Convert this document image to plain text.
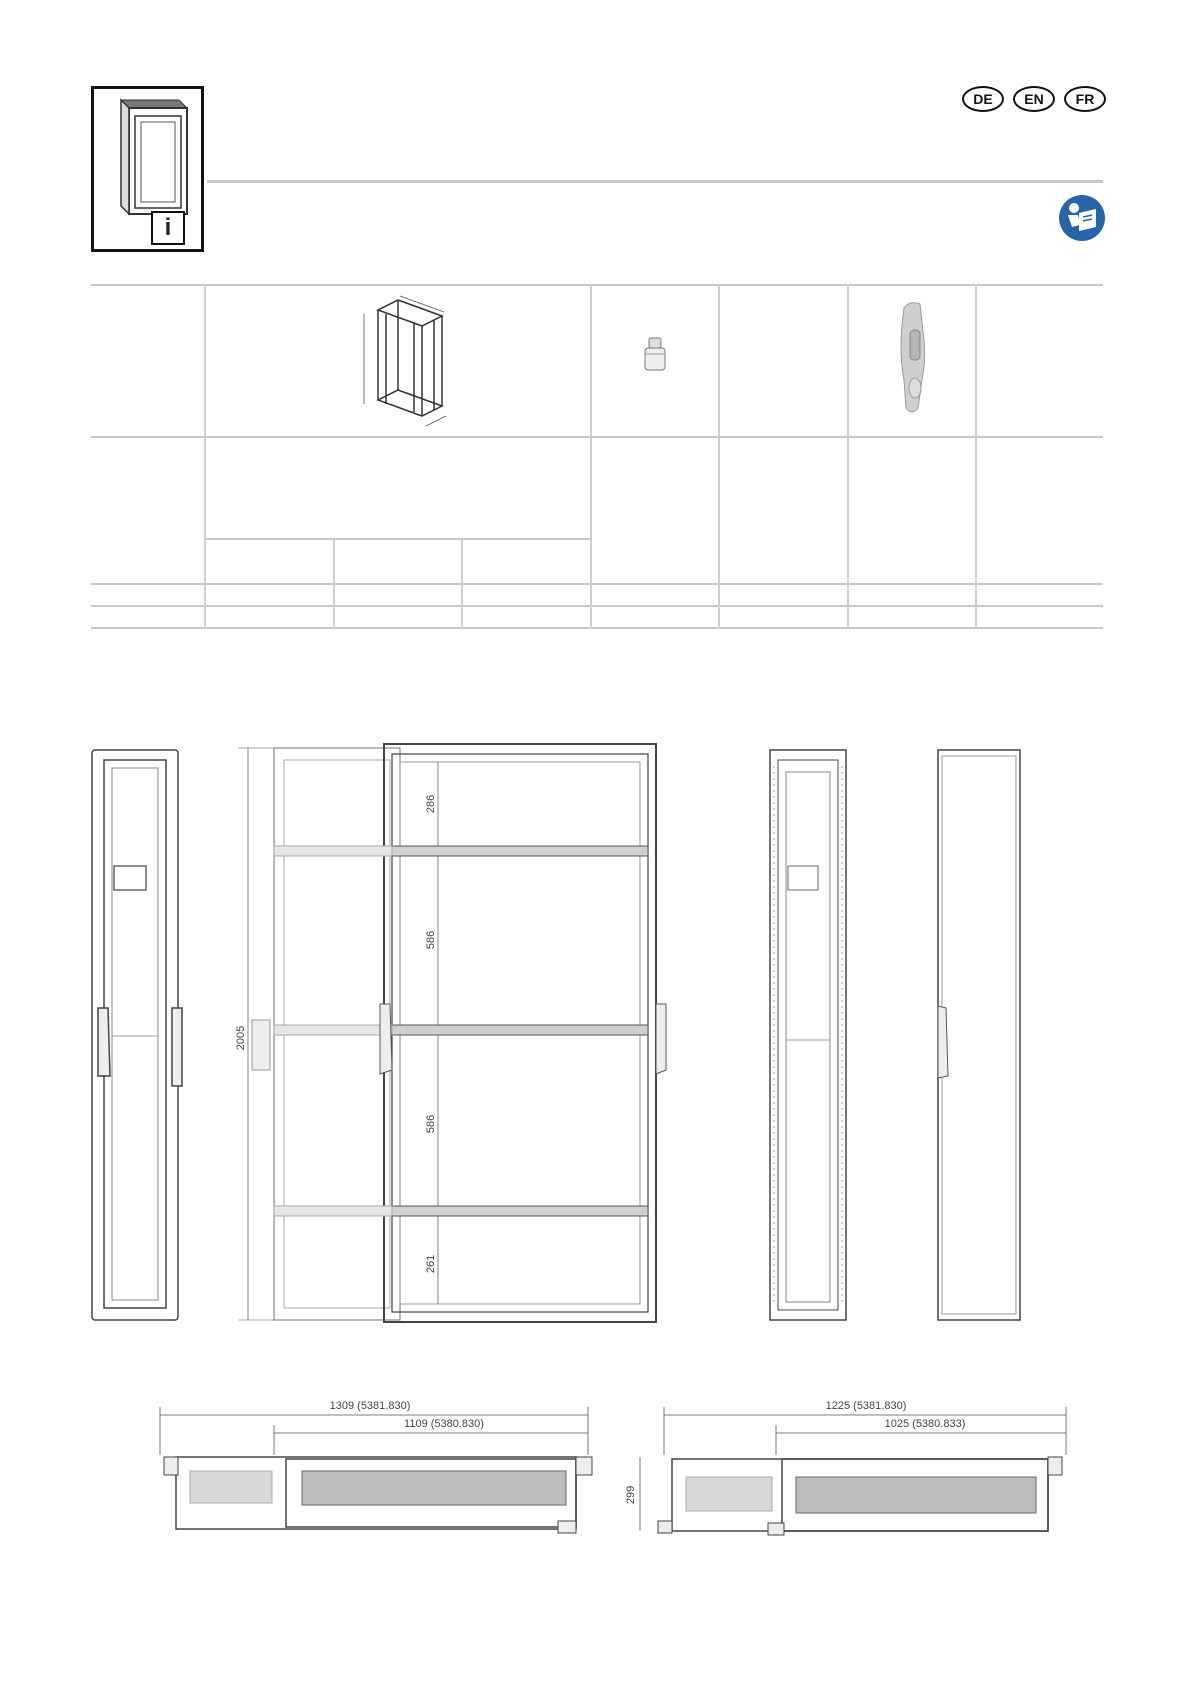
i
DE	EN	FR
2005
286
586
586
261
1309 (5381.830)
1109 (5380.830)
1225 (5381.830)
1025 (5380.833)
299
